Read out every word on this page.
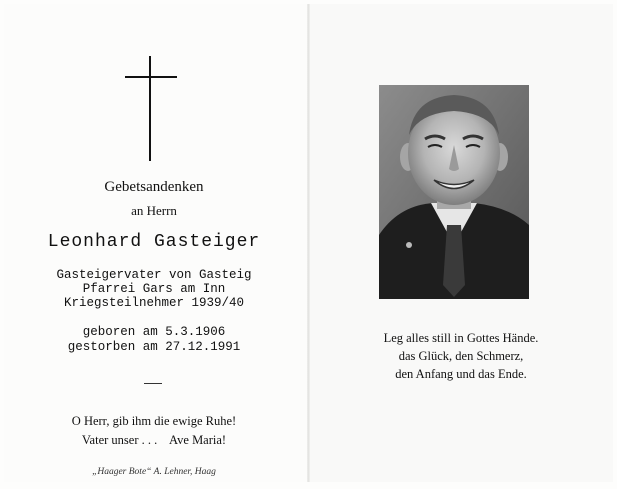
Gebetsandenken
an Herrn
Leonhard Gasteiger
Gasteigervater von Gasteig
Pfarrei Gars am Inn
Kriegsteilnehmer 1939/40
geboren am 5.3.1906
gestorben am 27.12.1991
O Herr, gib ihm die ewige Ruhe!
Vater unser . . .    Ave Maria!
„Haager Bote“ A. Lehner, Haag
Leg alles still in Gottes Hände.
das Glück, den Schmerz,
den Anfang und das Ende.
